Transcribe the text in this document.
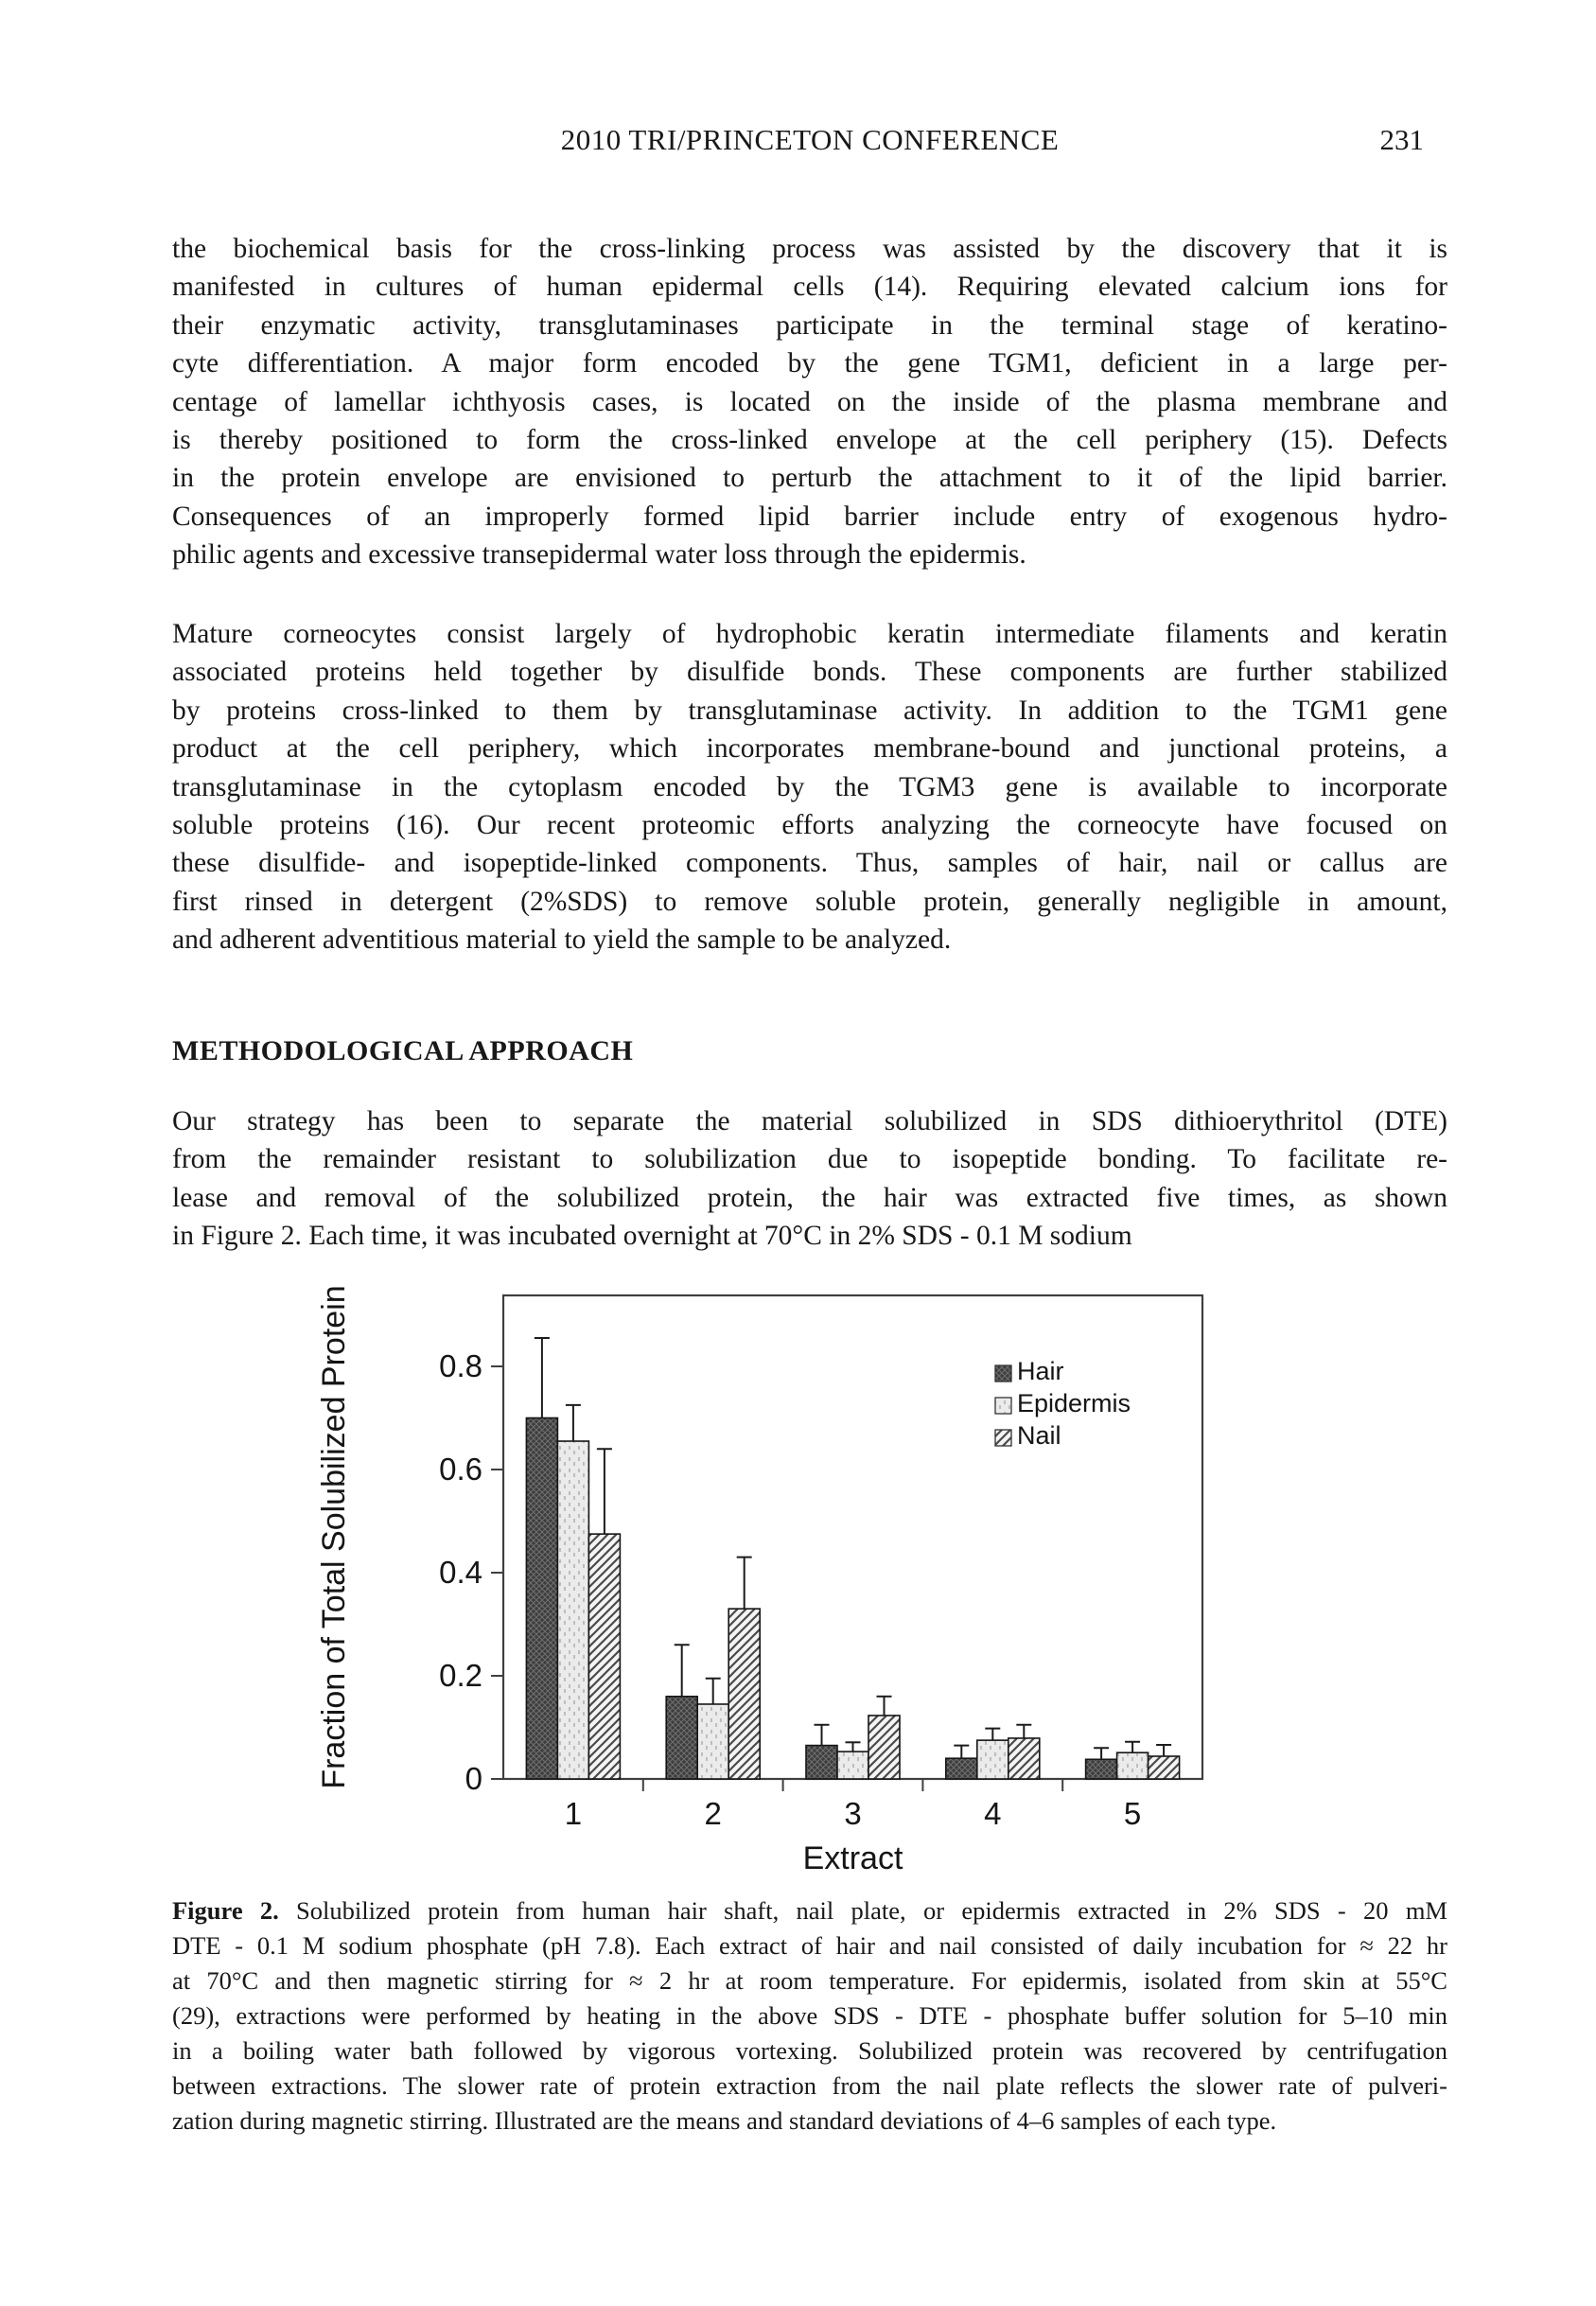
2010 TRI/PRINCETON CONFERENCE	231
the biochemical basis for the cross-linking process was assisted by the discovery that it is
manifested in cultures of human epidermal cells (14). Requiring elevated calcium ions for
their enzymatic activity, transglutaminases participate in the terminal stage of keratino-
cyte differentiation. A major form encoded by the gene TGM1, deficient in a large per-
centage of lamellar ichthyosis cases, is located on the inside of the plasma membrane and
is thereby positioned to form the cross-linked envelope at the cell periphery (15). Defects
in the protein envelope are envisioned to perturb the attachment to it of the lipid barrier.
Consequences of an improperly formed lipid barrier include entry of exogenous hydro-
philic agents and excessive transepidermal water loss through the epidermis.
Mature corneocytes consist largely of hydrophobic keratin intermediate filaments and keratin
associated proteins held together by disulfide bonds. These components are further stabilized
by proteins cross-linked to them by transglutaminase activity. In addition to the TGM1 gene
product at the cell periphery, which incorporates membrane-bound and junctional proteins, a
transglutaminase in the cytoplasm encoded by the TGM3 gene is available to incorporate
soluble proteins (16). Our recent proteomic efforts analyzing the corneocyte have focused on
these disulfide- and isopeptide-linked components. Thus, samples of hair, nail or callus are
first rinsed in detergent (2%SDS) to remove soluble protein, generally negligible in amount,
and adherent adventitious material to yield the sample to be analyzed.
METHODOLOGICAL APPROACH
Our strategy has been to separate the material solubilized in SDS dithioerythritol (DTE)
from the remainder resistant to solubilization due to isopeptide bonding. To facilitate re-
lease and removal of the solubilized protein, the hair was extracted five times, as shown
in Figure 2. Each time, it was incubated overnight at 70°C in 2% SDS - 0.1 M sodium
0
0.2
0.4
0.6
0.8
1	2	3	4	5
Extract
Fraction of Total Solubilized Protein	Hair
Epidermis
Nail
Figure 2. Solubilized protein from human hair shaft, nail plate, or epidermis extracted in 2% SDS - 20 mM
DTE - 0.1 M sodium phosphate (pH 7.8). Each extract of hair and nail consisted of daily incubation for ≈ 22 hr
at 70°C and then magnetic stirring for ≈ 2 hr at room temperature. For epidermis, isolated from skin at 55°C
(29), extractions were performed by heating in the above SDS - DTE - phosphate buffer solution for 5–10 min
in a boiling water bath followed by vigorous vortexing. Solubilized protein was recovered by centrifugation
between extractions. The slower rate of protein extraction from the nail plate reflects the slower rate of pulveri-
zation during magnetic stirring. Illustrated are the means and standard deviations of 4–6 samples of each type.
